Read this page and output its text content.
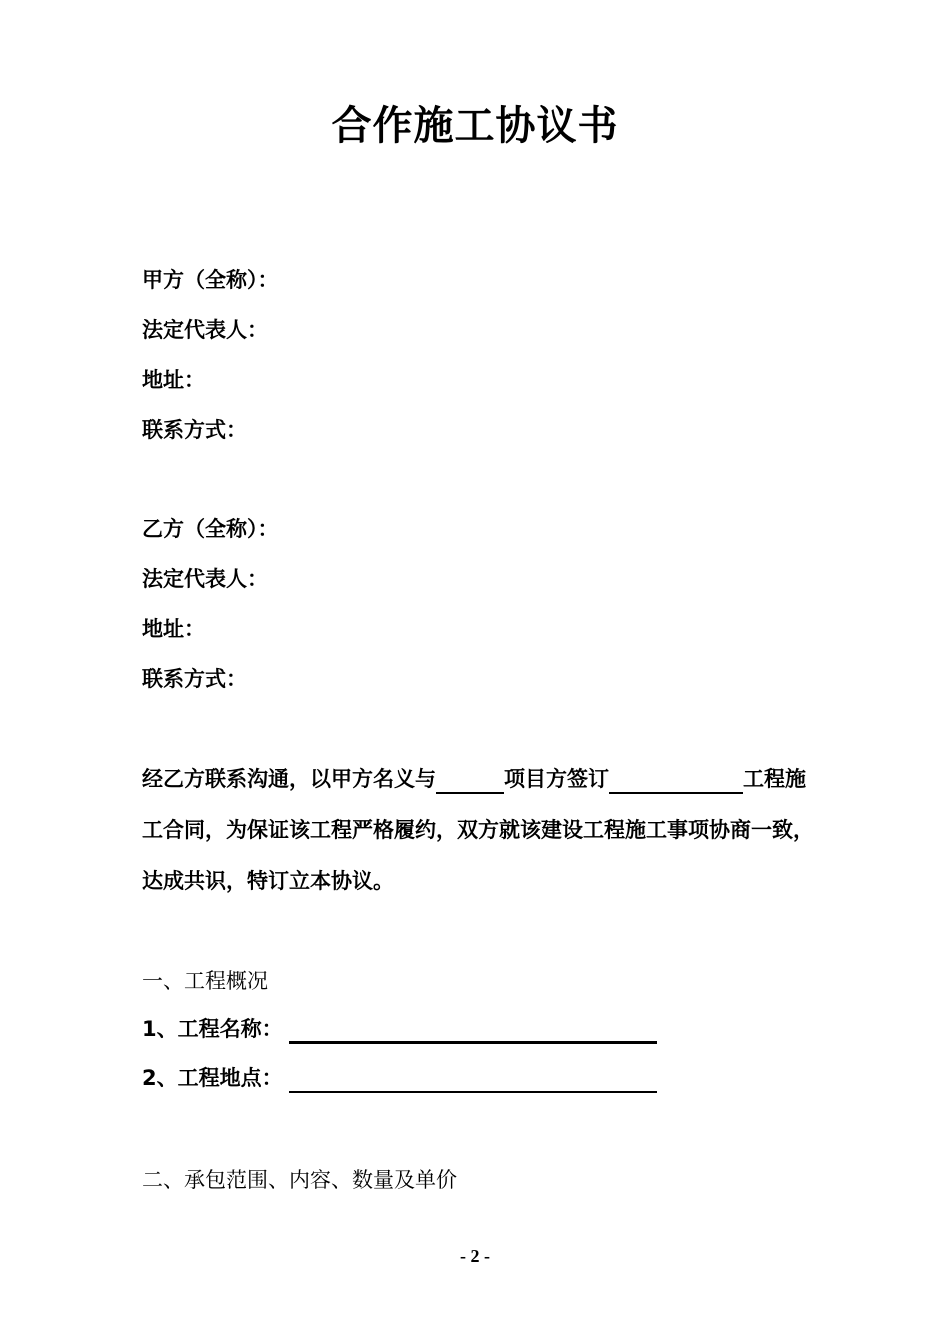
合作施工协议书
甲方（全称）：
法定代表人：
地址：
联系方式：
乙方（全称）：
法定代表人：
地址：
联系方式：
经乙方联系沟通，以甲方名义与	项目方签订	工程施
工合同，为保证该工程严格履约，双方就该建设工程施工事项协商一致，
达成共识，特订立本协议。
一、工程概况
1、工程名称：
2、工程地点：
二、承包范围、内容、数量及单价
- 2 -
